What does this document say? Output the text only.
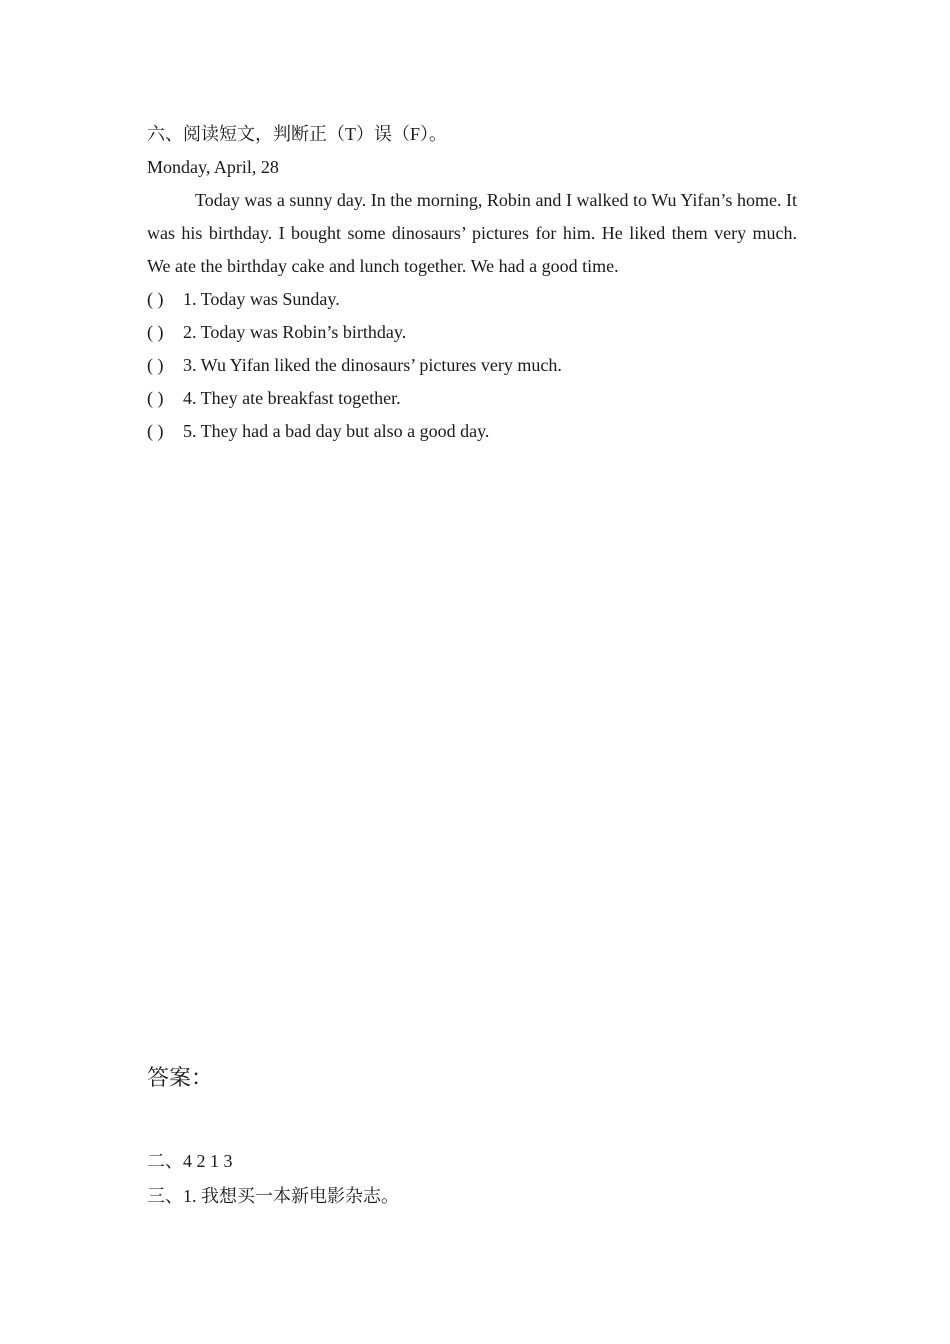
六、阅读短文，判断正（T）误（F）。
Monday, April, 28
Today was a sunny day. In the morning, Robin and I walked to Wu Yifan’s home. It was his birthday. I bought some dinosaurs’ pictures for him. He liked them very much. We ate the birthday cake and lunch together. We had a good time.
( ) 1. Today was Sunday.
( ) 2. Today was Robin’s birthday.
( ) 3. Wu Yifan liked the dinosaurs’ pictures very much.
( ) 4. They ate breakfast together.
( ) 5. They had a bad day but also a good day.
答案：
二、4 2 1 3
三、1. 我想买一本新电影杂志。
